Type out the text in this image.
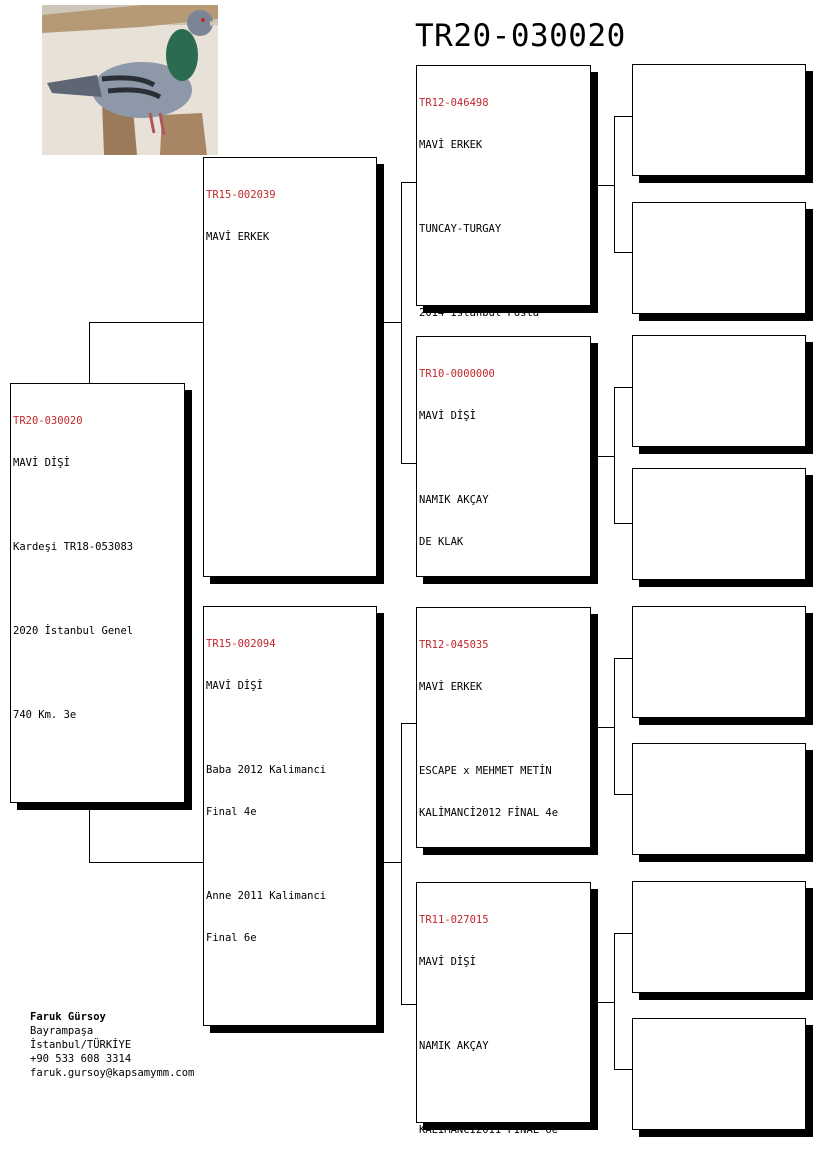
TR20-030020

TR20-030020

MAVİ DİŞİ

Kardeşi TR18-053083

2020 İstanbul Genel

740 Km. 3e

TR15-002039

MAVİ ERKEK

TR15-002094

MAVİ DİŞİ

Baba 2012 Kalimanci

Final 4e

Anne 2011 Kalimanci

Final 6e

TR12-046498

MAVİ ERKEK

TUNCAY-TURGAY

2014 İstanbul Posta

TR10-0000000

MAVİ DİŞİ

NAMIK AKÇAY

DE KLAK

TR12-045035

MAVİ ERKEK

ESCAPE x MEHMET METİN

KALİMANCİ2012 FİNAL 4e

TR11-027015

MAVİ DİŞİ

NAMIK AKÇAY

KALİMANCİ2011 FİNAL 6e

Faruk Gürsoy
Bayrampaşa
İstanbul/TÜRKİYE
+90 533 608 3314
faruk.gursoy@kapsamymm.com
